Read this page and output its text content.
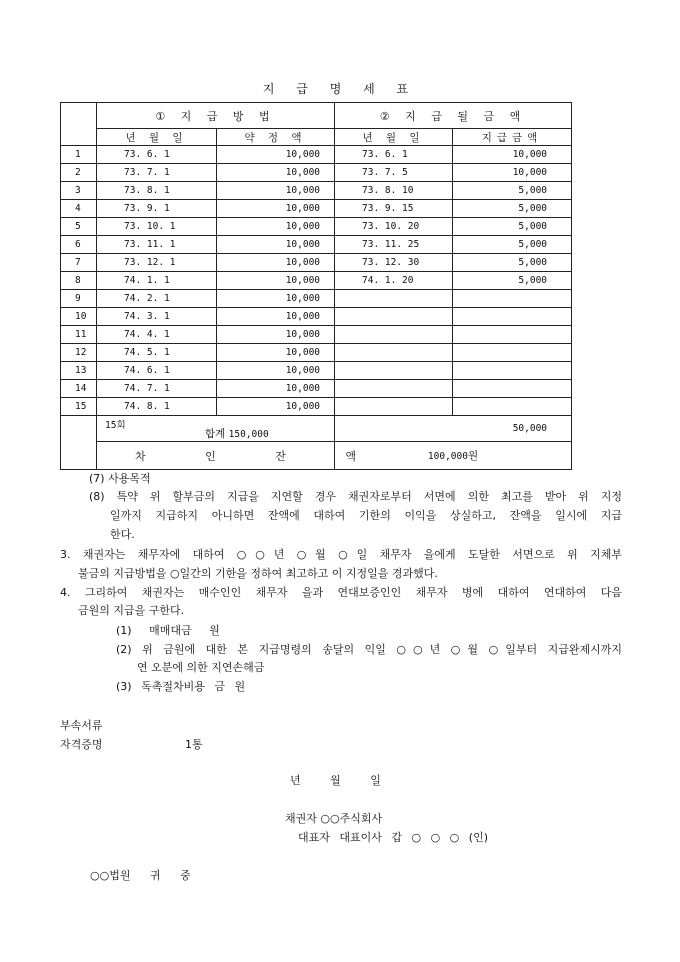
지 급 명 세 표
	① 지 급 방 법		② 지 급 될 금 액	
	년 월 일	약 정 액	년 월 일	지급금액
1	73. 6. 1	10,000	73. 6. 1	10,000
2	73. 7. 1	10,000	73. 7. 5	10,000
3	73. 8. 1	10,000	73. 8. 10	5,000
4	73. 9. 1	10,000	73. 9. 15	5,000
5	73. 10. 1	10,000	73. 10. 20	5,000
6	73. 11. 1	10,000	73. 11. 25	5,000
7	73. 12. 1	10,000	73. 12. 30	5,000
8	74. 1. 1	10,000	74. 1. 20	5,000
9	74. 2. 1	10,000		
10	74. 3. 1	10,000		
11	74. 4. 1	10,000		
12	74. 5. 1	10,000		
13	74. 6. 1	10,000		
14	74. 7. 1	10,000		
15	74. 8. 1	10,000		

	15회
합계 150,000		50,000	
	차 인 잔 액		100,000원	
(7) 사용목적
(8) 특약 위 할부금의 지급을 지연할 경우 채권자로부터 서면에 의한 최고를 받아 위 지정
일까지 지급하지 아니하면 잔액에 대하여 기한의 이익을 상실하고, 잔액을 일시에 지급
한다.
3. 채권자는 채무자에 대하여 ○○년 ○월 ○일 채무자 을에게 도달한 서면으로 위 지체부
불금의 지급방법을 ○일간의 기한을 정하여 최고하고 이 지정일을 경과했다.
4. 그리하여 채권자는 매수인인 채무자 을과 연대보증인인 채무자 병에 대하여 연대하여 다음
금원의 지급을 구한다.
(1) 매매대금 원
(2) 위 금원에 대한 본 지급명령의 송달의 익일 ○○년 ○월 ○일부터 지급완제시까지
연 오분에 의한 지연손해금
(3) 독촉절차비용 금 원
부속서류
자격증명	1통
년 월 일
채권자 ○○주식회사
대표자 대표이사 갑 ○ ○ ○ (인)
○○법원 귀 중
